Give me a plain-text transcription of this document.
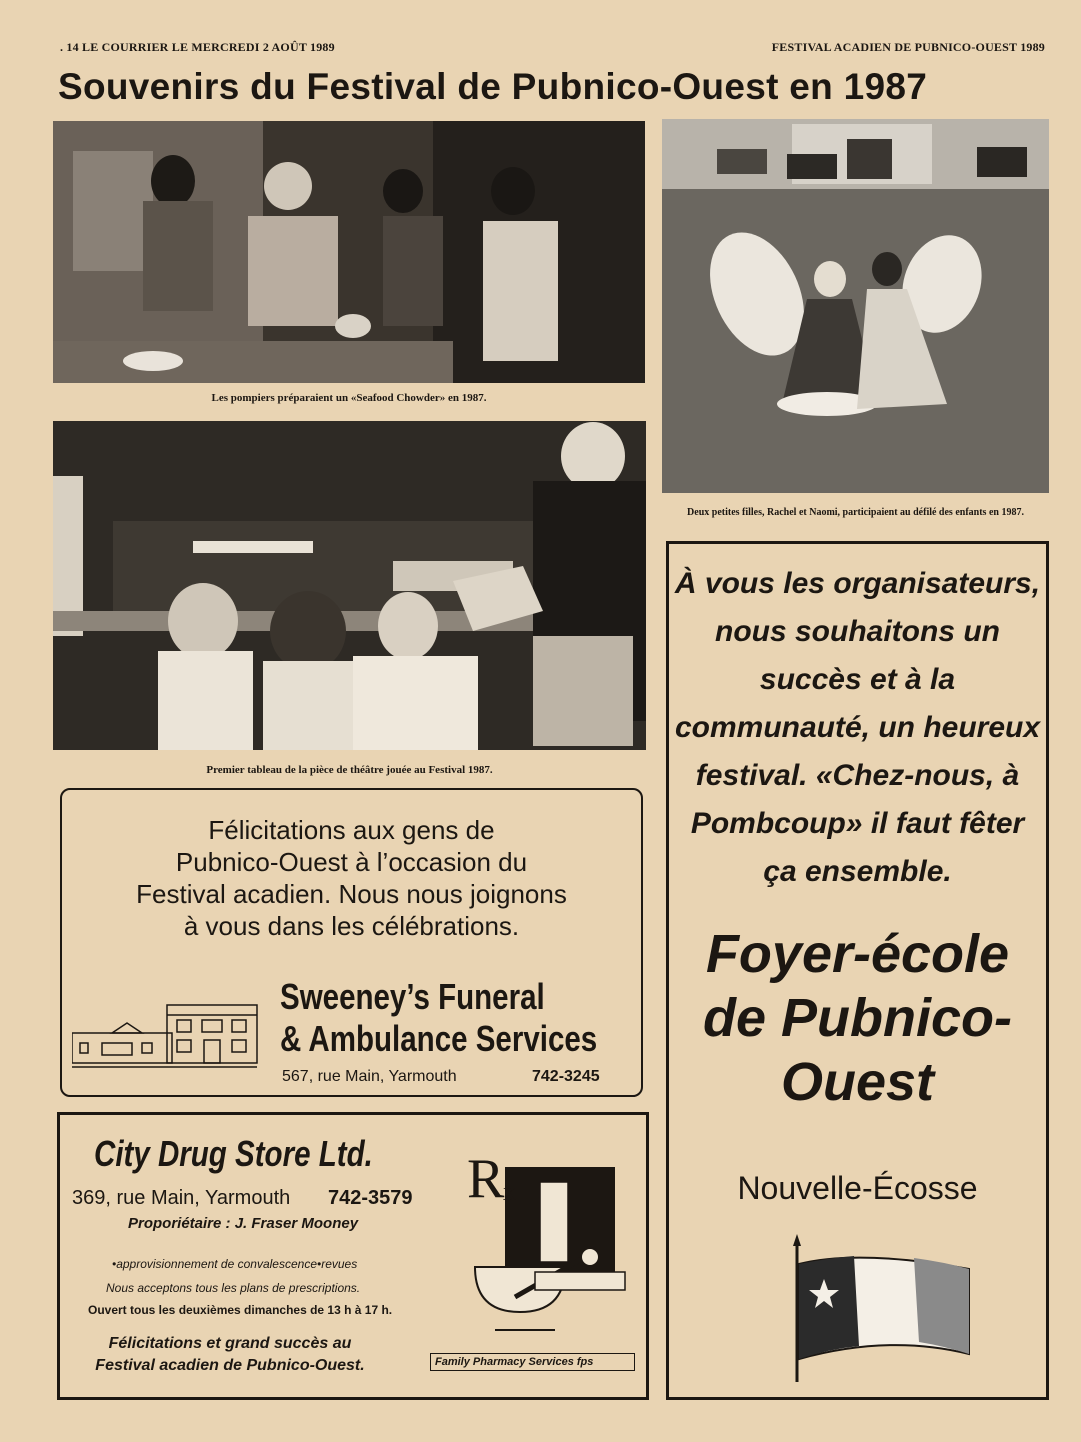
. 14 LE COURRIER LE MERCREDI 2 AOÛT 1989	FESTIVAL ACADIEN DE PUBNICO-OUEST 1989
Souvenirs du Festival de Pubnico-Ouest en 1987
Les pompiers préparaient un «Seafood Chowder» en 1987.
Deux petites filles, Rachel et Naomi, participaient au défilé des enfants en 1987.
Premier tableau de la pièce de théâtre jouée au Festival 1987.
Félicitations aux gens de
Pubnico-Ouest à l’occasion du
Festival acadien. Nous nous joignons
à vous dans les célébrations.
Sweeney’s Funeral
& Ambulance Services
567, rue Main, Yarmouth	742-3245
City Drug Store Ltd.
369, rue Main, Yarmouth 742-3579
Proporiétaire : J. Fraser Mooney
•approvisionnement de convalescence•revues
Nous acceptons tous les plans de prescriptions.
Ouvert tous les deuxièmes dimanches de 13 h à 17 h.
Félicitations et grand succès au
Festival acadien de Pubnico-Ouest.
R
x
Family Pharmacy Services fps
À vous les organisateurs,
nous souhaitons un
succès et à la
communauté, un heureux
festival. «Chez-nous, à
Pombcoup» il faut fêter
ça ensemble.
Foyer-école
de Pubnico-
Ouest
Nouvelle-Écosse
